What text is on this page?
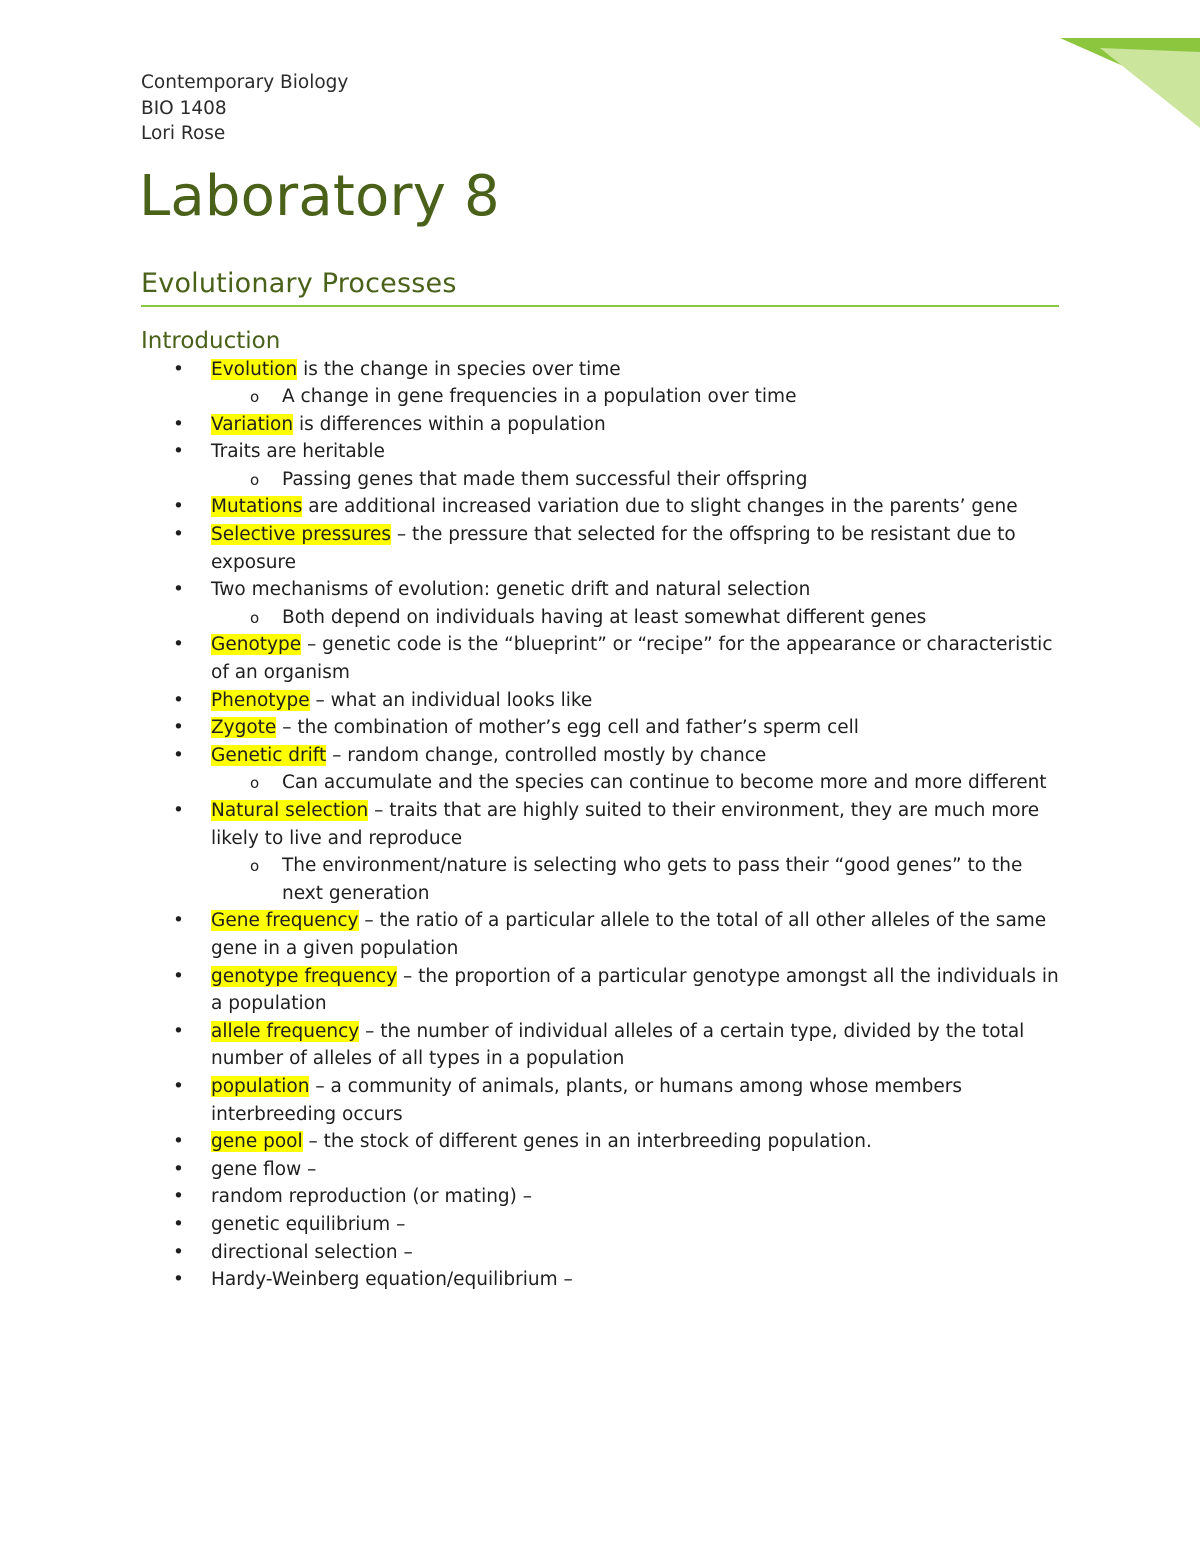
Contemporary Biology
BIO 1408
Lori Rose
Laboratory 8
Evolutionary Processes
Introduction
• Evolution is the change in species over time
o A change in gene frequencies in a population over time
• Variation is differences within a population
• Traits are heritable
o Passing genes that made them successful their offspring
• Mutations are additional increased variation due to slight changes in the parents’ gene
• Selective pressures – the pressure that selected for the offspring to be resistant due to exposure
• Two mechanisms of evolution: genetic drift and natural selection
o Both depend on individuals having at least somewhat different genes
• Genotype – genetic code is the “blueprint” or “recipe” for the appearance or characteristic of an organism
• Phenotype – what an individual looks like
• Zygote – the combination of mother’s egg cell and father’s sperm cell
• Genetic drift – random change, controlled mostly by chance
o Can accumulate and the species can continue to become more and more different
• Natural selection – traits that are highly suited to their environment, they are much more likely to live and reproduce
o The environment/nature is selecting who gets to pass their “good genes” to the next generation
• Gene frequency – the ratio of a particular allele to the total of all other alleles of the same gene in a given population
• genotype frequency – the proportion of a particular genotype amongst all the individuals in a population
• allele frequency – the number of individual alleles of a certain type, divided by the total number of alleles of all types in a population
• population – a community of animals, plants, or humans among whose members interbreeding occurs
• gene pool – the stock of different genes in an interbreeding population.
• gene flow –
• random reproduction (or mating) –
• genetic equilibrium –
• directional selection –
• Hardy-Weinberg equation/equilibrium –
